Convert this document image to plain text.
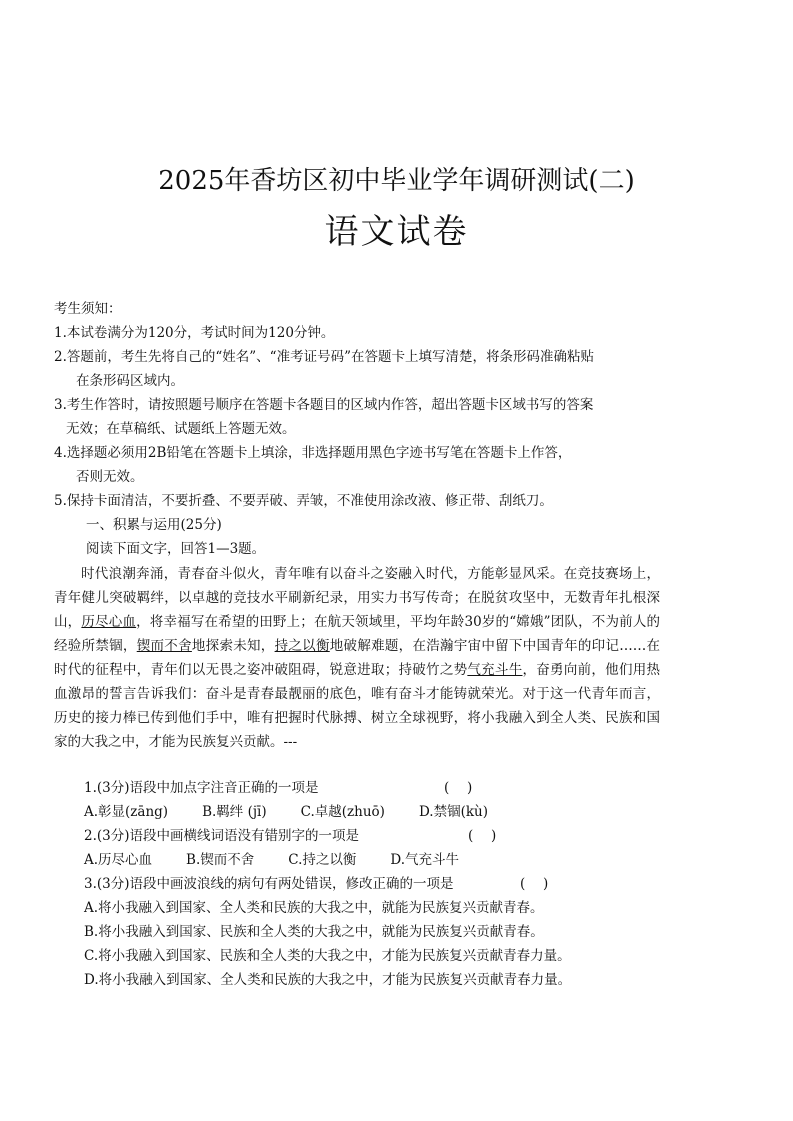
2025年香坊区初中毕业学年调研测试(二)
语文试卷
考生须知：
1.本试卷满分为120分，考试时间为120分钟。
2.答题前，考生先将自己的“姓名”、“准考证号码”在答题卡上填写清楚，将条形码准确粘贴
在条形码区域内。
3.考生作答时，请按照题号顺序在答题卡各题目的区域内作答，超出答题卡区域书写的答案
无效；在草稿纸、试题纸上答题无效。
4.选择题必须用2B铅笔在答题卡上填涂，非选择题用黑色字迹书写笔在答题卡上作答，
否则无效。
5.保持卡面清洁，不要折叠、不要弄破、弄皱，不准使用涂改液、修正带、刮纸刀。
一、积累与运用(25分)
阅读下面文字，回答1—3题。

时代浪潮奔涌，青春奋斗似火，青年唯有以奋斗之姿融入时代，方能彰显风采。在竞技赛场上，青年健儿突破羁绊，以卓越的竞技水平刷新纪录，用实力书写传奇；在脱贫攻坚中，无数青年扎根深山，历尽心血，将幸福写在希望的田野上；在航天领域里，平均年龄30岁的“嫦娥”团队，不为前人的经验所禁锢，锲而不舍地探索未知，持之以衡地破解难题，在浩瀚宇宙中留下中国青年的印记……在时代的征程中，青年们以无畏之姿冲破阻碍，锐意进取；持破竹之势气充斗牛，奋勇向前，他们用热血激昂的誓言告诉我们：奋斗是青春最靓丽的底色，唯有奋斗才能铸就荣光。对于这一代青年而言，历史的接力棒已传到他们手中，唯有把握时代脉搏、树立全球视野，将小我融入到全人类、民族和国家的大我之中，才能为民族复兴贡献。---

1.(3分)语段中加点字注音正确的一项是	(　 )
A.彰显(zāng)	B.羁绊 (jī)	C.卓越(zhuō)	D.禁锢(kù)
2.(3分)语段中画横线词语没有错别字的一项是	(　 )
A.历尽心血	B.锲而不舍	C.持之以衡	D.气充斗牛
3.(3分)语段中画波浪线的病句有两处错误，修改正确的一项是	(　 )
A.将小我融入到国家、全人类和民族的大我之中，就能为民族复兴贡献青春。
B.将小我融入到国家、民族和全人类的大我之中，就能为民族复兴贡献青春。
C.将小我融入到国家、民族和全人类的大我之中，才能为民族复兴贡献青春力量。
D.将小我融入到国家、全人类和民族的大我之中，才能为民族复兴贡献青春力量。
